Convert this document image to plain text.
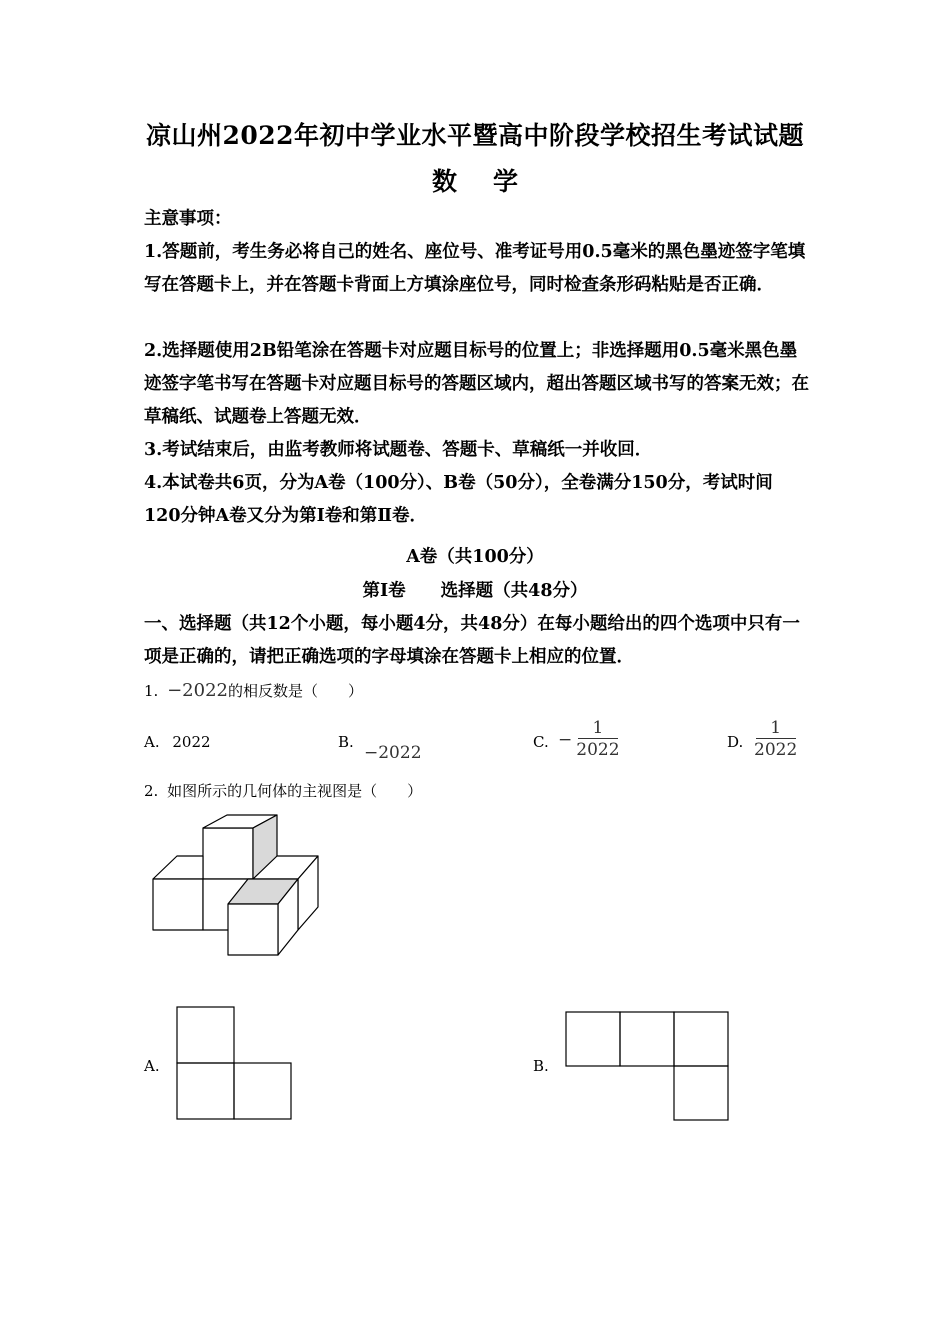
凉山州2022年初中学业水平暨高中阶段学校招生考试试题
数学
主意事项：
1.答题前，考生务必将自己的姓名、座位号、准考证号用0.5毫米的黑色墨迹签字笔填写在答题卡上，并在答题卡背面上方填涂座位号，同时检查条形码粘贴是否正确．
2.选择题使用2B铅笔涂在答题卡对应题目标号的位置上；非选择题用0.5毫米黑色墨迹签字笔书写在答题卡对应题目标号的答题区域内，超出答题区域书写的答案无效；在草稿纸、试题卷上答题无效．
3.考试结束后，由监考教师将试题卷、答题卡、草稿纸一并收回．
4.本试卷共6页，分为A卷（100分）、B卷（50分），全卷满分150分，考试时间120分钟A卷又分为第Ⅰ卷和第Ⅱ卷．
A卷（共100分）
第Ⅰ卷　　选择题（共48分）
一、选择题（共12个小题，每小题4分，共48分）在每小题给出的四个选项中只有一项是正确的，请把正确选项的字母填涂在答题卡上相应的位置．
1. −2022的相反数是（　　）
A. 2022	B.
−2022
C. − $\frac{1}{2022}$	D. $\frac{1}{2022}$
2. 如图所示的几何体的主视图是（　　）
A.	B.
